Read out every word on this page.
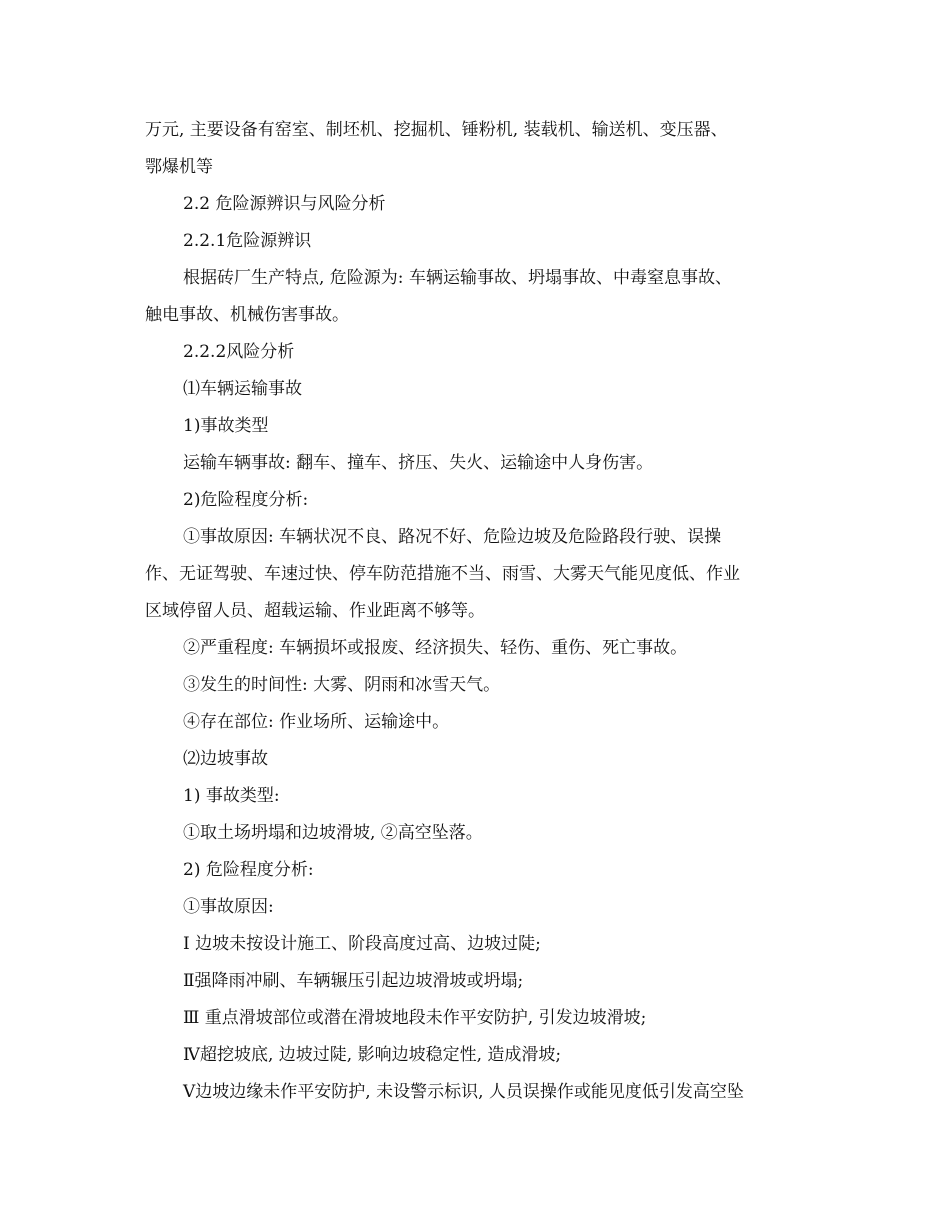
万元, 主要设备有窑室、制坯机、挖掘机、锤粉机, 装载机、输送机、变压器、
鄂爆机等
2.2 危险源辨识与风险分析
2.2.1危险源辨识
根据砖厂生产特点, 危险源为: 车辆运输事故、坍塌事故、中毒窒息事故、
触电事故、机械伤害事故。
2.2.2风险分析
⑴车辆运输事故
1)事故类型
运输车辆事故: 翻车、撞车、挤压、失火、运输途中人身伤害。
2)危险程度分析:
①事故原因: 车辆状况不良、路况不好、危险边坡及危险路段行驶、误操
作、无证驾驶、车速过快、停车防范措施不当、雨雪、大雾天气能见度低、作业
区域停留人员、超载运输、作业距离不够等。
②严重程度: 车辆损坏或报废、经济损失、轻伤、重伤、死亡事故。
③发生的时间性: 大雾、阴雨和冰雪天气。
④存在部位: 作业场所、运输途中。
⑵边坡事故
1) 事故类型:
①取土场坍塌和边坡滑坡, ②高空坠落。
2) 危险程度分析:
①事故原因:
Ⅰ 边坡未按设计施工、阶段高度过高、边坡过陡;
Ⅱ强降雨冲刷、车辆辗压引起边坡滑坡或坍塌;
Ⅲ 重点滑坡部位或潜在滑坡地段未作平安防护, 引发边坡滑坡;
Ⅳ超挖坡底, 边坡过陡, 影响边坡稳定性, 造成滑坡;
Ⅴ边坡边缘未作平安防护, 未设警示标识, 人员误操作或能见度低引发高空坠
